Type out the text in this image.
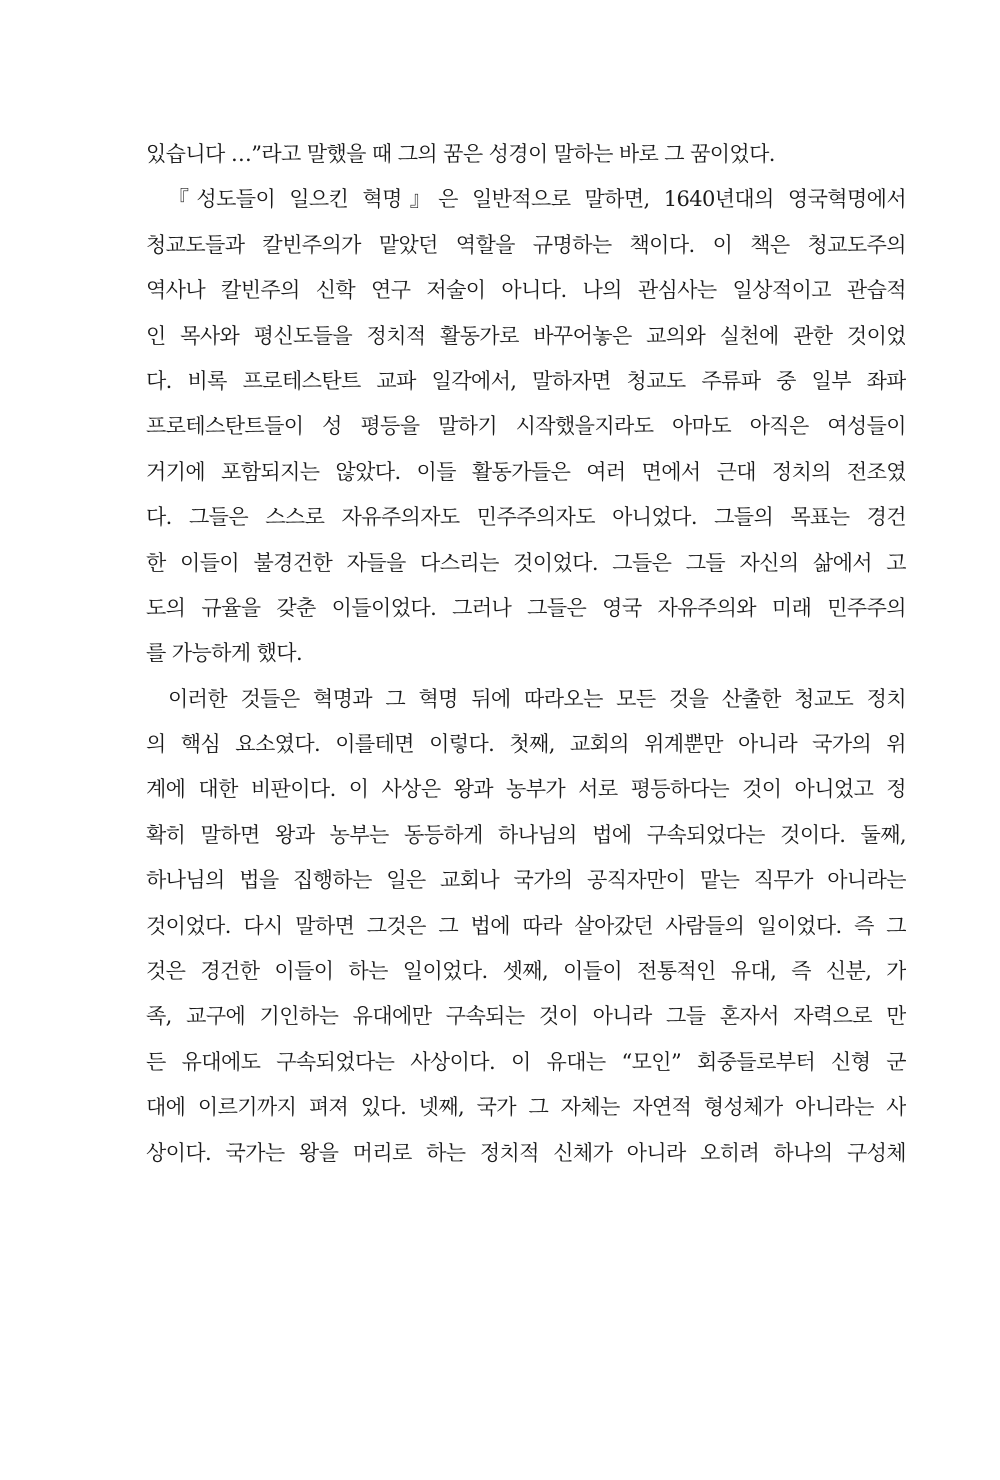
있습니다 …”라고 말했을 때 그의 꿈은 성경이 말하는 바로 그 꿈이었다.
『성도들이 일으킨 혁명』은 일반적으로 말하면, 1640년대의 영국혁명에서
청교도들과 칼빈주의가 맡았던 역할을 규명하는 책이다. 이 책은 청교도주의
역사나 칼빈주의 신학 연구 저술이 아니다. 나의 관심사는 일상적이고 관습적
인 목사와 평신도들을 정치적 활동가로 바꾸어놓은 교의와 실천에 관한 것이었
다. 비록 프로테스탄트 교파 일각에서, 말하자면 청교도 주류파 중 일부 좌파
프로테스탄트들이 성 평등을 말하기 시작했을지라도 아마도 아직은 여성들이
거기에 포함되지는 않았다. 이들 활동가들은 여러 면에서 근대 정치의 전조였
다. 그들은 스스로 자유주의자도 민주주의자도 아니었다. 그들의 목표는 경건
한 이들이 불경건한 자들을 다스리는 것이었다. 그들은 그들 자신의 삶에서 고
도의 규율을 갖춘 이들이었다. 그러나 그들은 영국 자유주의와 미래 민주주의
를 가능하게 했다.
이러한 것들은 혁명과 그 혁명 뒤에 따라오는 모든 것을 산출한 청교도 정치
의 핵심 요소였다. 이를테면 이렇다. 첫째, 교회의 위계뿐만 아니라 국가의 위
계에 대한 비판이다. 이 사상은 왕과 농부가 서로 평등하다는 것이 아니었고 정
확히 말하면 왕과 농부는 동등하게 하나님의 법에 구속되었다는 것이다. 둘째,
하나님의 법을 집행하는 일은 교회나 국가의 공직자만이 맡는 직무가 아니라는
것이었다. 다시 말하면 그것은 그 법에 따라 살아갔던 사람들의 일이었다. 즉 그
것은 경건한 이들이 하는 일이었다. 셋째, 이들이 전통적인 유대, 즉 신분, 가
족, 교구에 기인하는 유대에만 구속되는 것이 아니라 그들 혼자서 자력으로 만
든 유대에도 구속되었다는 사상이다. 이 유대는 “모인” 회중들로부터 신형 군
대에 이르기까지 펴져 있다. 넷째, 국가 그 자체는 자연적 형성체가 아니라는 사
상이다. 국가는 왕을 머리로 하는 정치적 신체가 아니라 오히려 하나의 구성체
